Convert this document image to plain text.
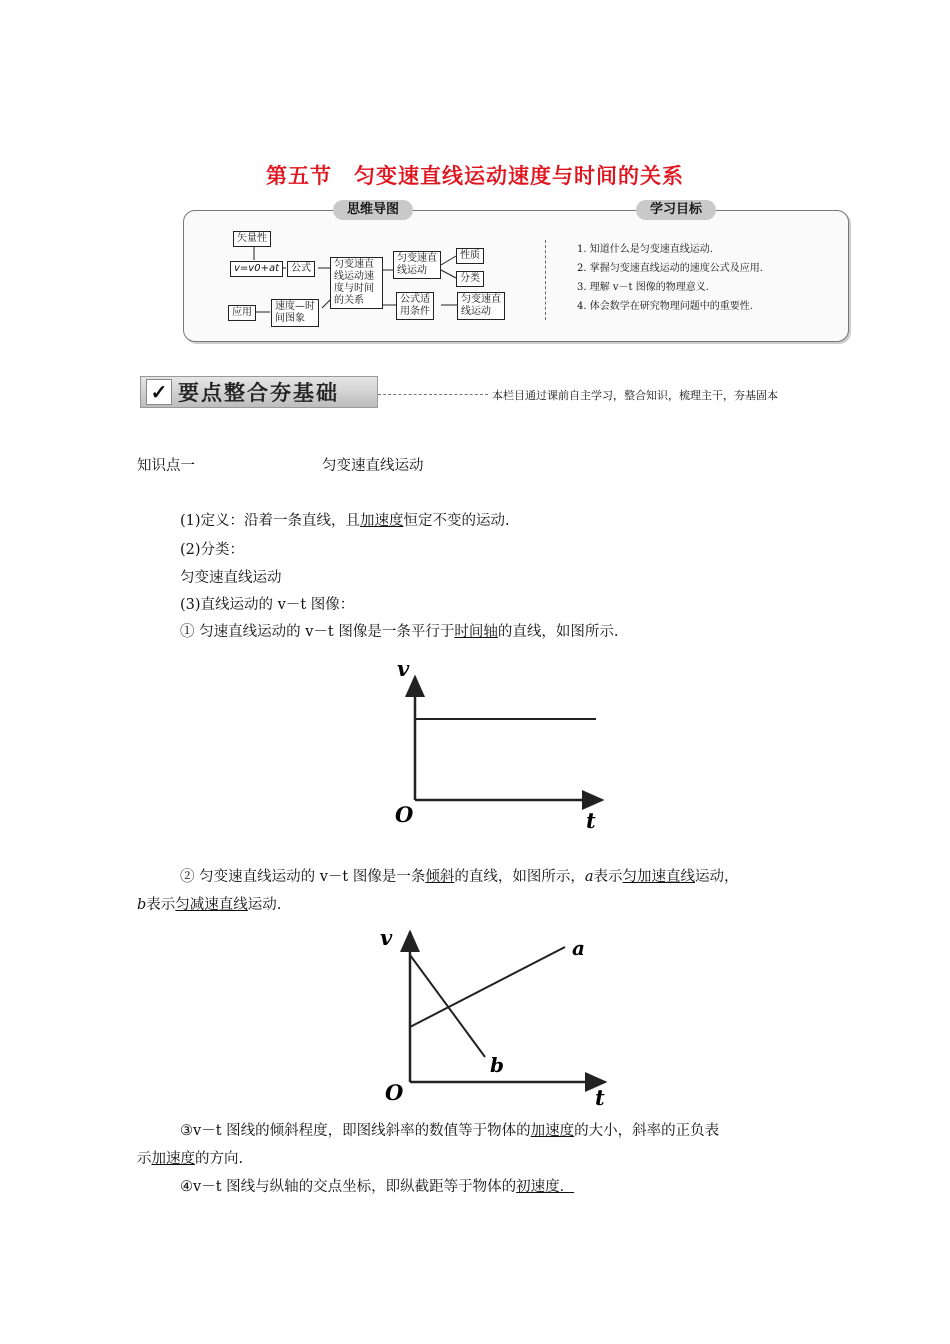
第五节 匀变速直线运动速度与时间的关系
思维导图	学习目标
矢量性
v=v0+at	公式	匀变速直
线运动速
度与时间
的关系
匀变速直
线运动
性质
分类
公式适
用条件
匀变速直
线运动
速度—时
间图象
应用
1. 知道什么是匀变速直线运动.
2. 掌握匀变速直线运动的速度公式及应用.
3. 理解 v－t 图像的物理意义.
4. 体会数学在研究物理问题中的重要性.
✓ 要点整合夯基础	本栏目通过课前自主学习，整合知识，梳理主干，夯基固本
知识点一	匀变速直线运动
(1)定义：沿着一条直线，且加速度恒定不变的运动.
(2)分类：
匀变速直线运动
(3)直线运动的 v－t 图像：
① 匀速直线运动的 v－t 图像是一条平行于时间轴的直线，如图所示.
v
O	t
② 匀变速直线运动的 v－t 图像是一条倾斜的直线，如图所示，a表示匀加速直线运动，
b表示匀减速直线运动.
v
O	t
a
b
③v－t 图线的倾斜程度，即图线斜率的数值等于物体的加速度的大小，斜率的正负表
示加速度的方向.
④v－t 图线与纵轴的交点坐标，即纵截距等于物体的初速度．
